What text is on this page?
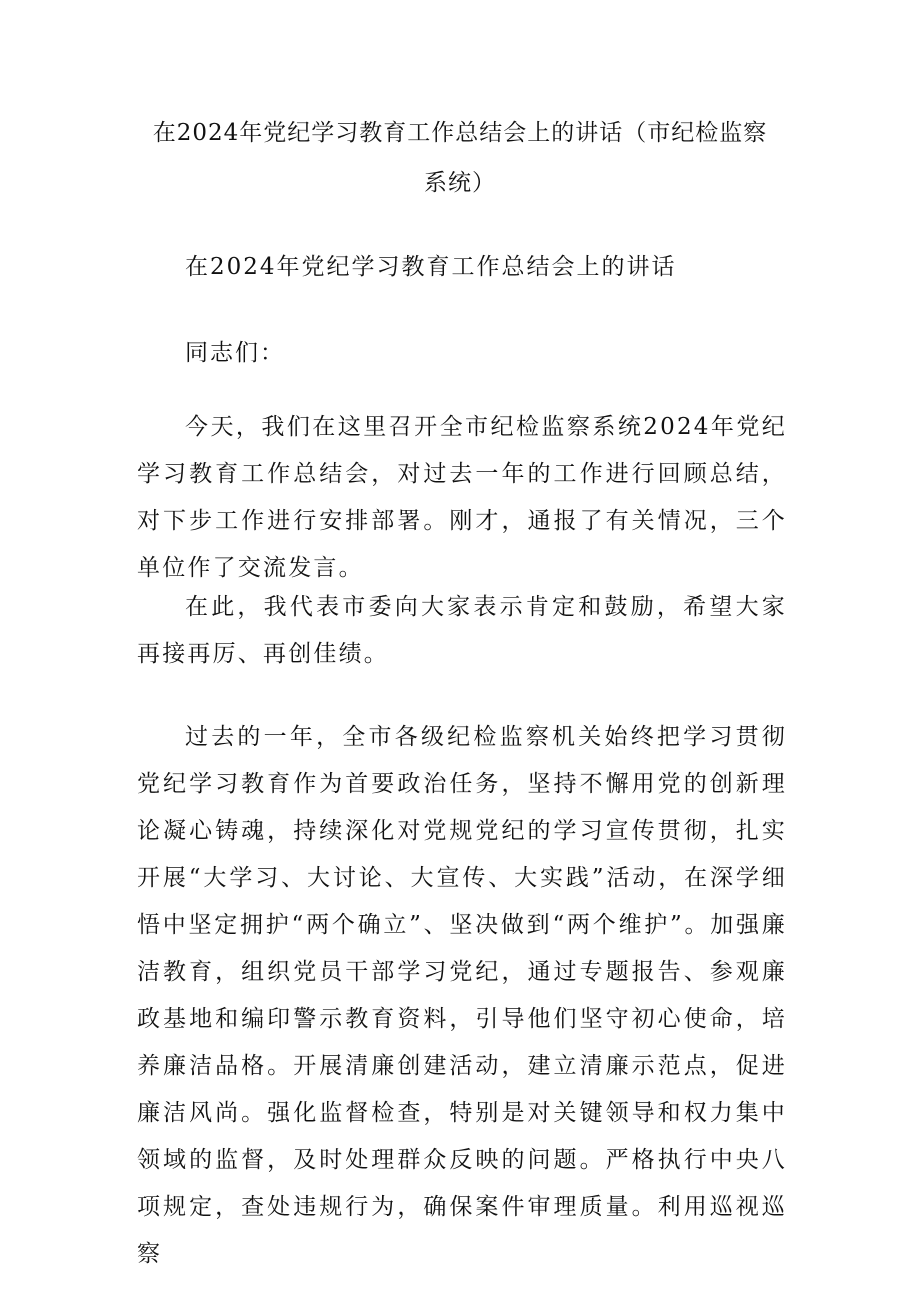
在2024年党纪学习教育工作总结会上的讲话（市纪检监察系统）
在2024年党纪学习教育工作总结会上的讲话
同志们：
今天，我们在这里召开全市纪检监察系统2024年党纪学习教育工作总结会，对过去一年的工作进行回顾总结，对下步工作进行安排部署。刚才，通报了有关情况，三个单位作了交流发言。
在此，我代表市委向大家表示肯定和鼓励，希望大家再接再厉、再创佳绩。
过去的一年，全市各级纪检监察机关始终把学习贯彻党纪学习教育作为首要政治任务，坚持不懈用党的创新理论凝心铸魂，持续深化对党规党纪的学习宣传贯彻，扎实开展“大学习、大讨论、大宣传、大实践”活动，在深学细悟中坚定拥护“两个确立”、坚决做到“两个维护”。加强廉洁教育，组织党员干部学习党纪，通过专题报告、参观廉政基地和编印警示教育资料，引导他们坚守初心使命，培养廉洁品格。开展清廉创建活动，建立清廉示范点，促进廉洁风尚。强化监督检查，特别是对关键领导和权力集中领域的监督，及时处理群众反映的问题。严格执行中央八项规定，查处违规行为，确保案件审理质量。利用巡视巡察
